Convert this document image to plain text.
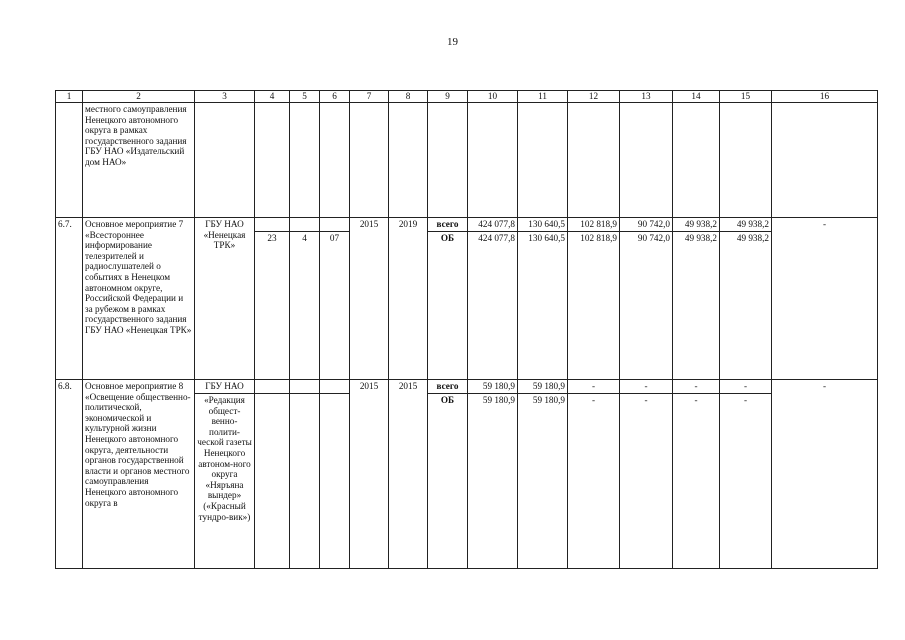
19
1	2	3	4	5	6	7	8	9	10	11	12	13	14	15	16
	местного самоуправления Ненецкого автономного округа в рамках государственного задания ГБУ НАО «Издательский дом НАО»														
6.7.	Основное мероприятие 7 «Всестороннее информирование телезрителей и радиослушателей о событиях в Ненецком автономном округе, Российской Федерации и за рубежом в рамках государственного задания ГБУ НАО «Ненецкая ТРК»	ГБУ НАО «Ненецкая ТРК»				2015	2019	всего	424 077,8	130 640,5	102 818,9	90 742,0	49 938,2	49 938,2	-
			23	4	07			ОБ	424 077,8	130 640,5	102 818,9	90 742,0	49 938,2	49 938,2	
6.8.	Основное мероприятие 8 «Освещение общественно-политической, экономической и культурной жизни Ненецкого автономного округа, деятельности органов государственной власти и органов местного самоуправления Ненецкого автономного округа в	ГБУ НАО				2015	2015	всего	59 180,9	59 180,9	-	-	-	-	-
		«Редакция общест-венно-полити-ческой газеты Ненецкого автоном-ного округа «Няръяна вындер» («Красный тундро-вик»)						ОБ	59 180,9	59 180,9	-	-	-	-	
